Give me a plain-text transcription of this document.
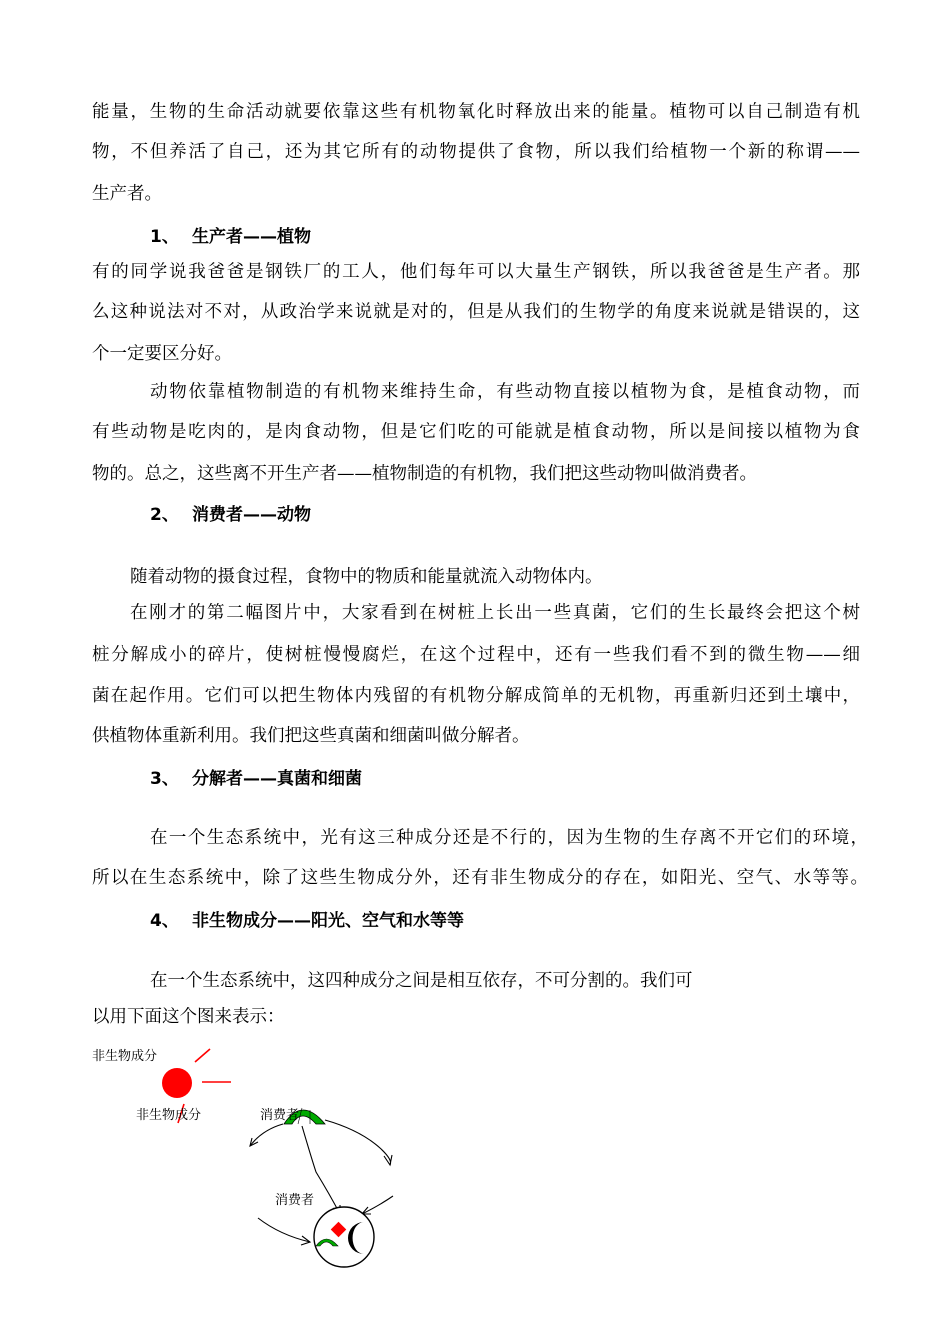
能量，生物的生命活动就要依靠这些有机物氧化时释放出来的能量。植物可以自己制造有机
物，不但养活了自己，还为其它所有的动物提供了食物，所以我们给植物一个新的称谓——
生产者。
1、 生产者——植物
有的同学说我爸爸是钢铁厂的工人，他们每年可以大量生产钢铁，所以我爸爸是生产者。那
么这种说法对不对，从政治学来说就是对的，但是从我们的生物学的角度来说就是错误的，这
个一定要区分好。
动物依靠植物制造的有机物来维持生命，有些动物直接以植物为食，是植食动物，而
有些动物是吃肉的，是肉食动物，但是它们吃的可能就是植食动物，所以是间接以植物为食
物的。总之，这些离不开生产者——植物制造的有机物，我们把这些动物叫做消费者。
2、 消费者——动物
随着动物的摄食过程，食物中的物质和能量就流入动物体内。
在刚才的第二幅图片中，大家看到在树桩上长出一些真菌，它们的生长最终会把这个树
桩分解成小的碎片，使树桩慢慢腐烂，在这个过程中，还有一些我们看不到的微生物——细
菌在起作用。它们可以把生物体内残留的有机物分解成简单的无机物，再重新归还到土壤中，
供植物体重新利用。我们把这些真菌和细菌叫做分解者。
3、 分解者——真菌和细菌
在一个生态系统中，光有这三种成分还是不行的，因为生物的生存离不开它们的环境，
所以在生态系统中，除了这些生物成分外，还有非生物成分的存在，如阳光、空气、水等等。
4、 非生物成分——阳光、空气和水等等
在一个生态系统中，这四种成分之间是相互依存，不可分割的。我们可
以用下面这个图来表示：
非生物成分
非生物成分	消费者
消费者
